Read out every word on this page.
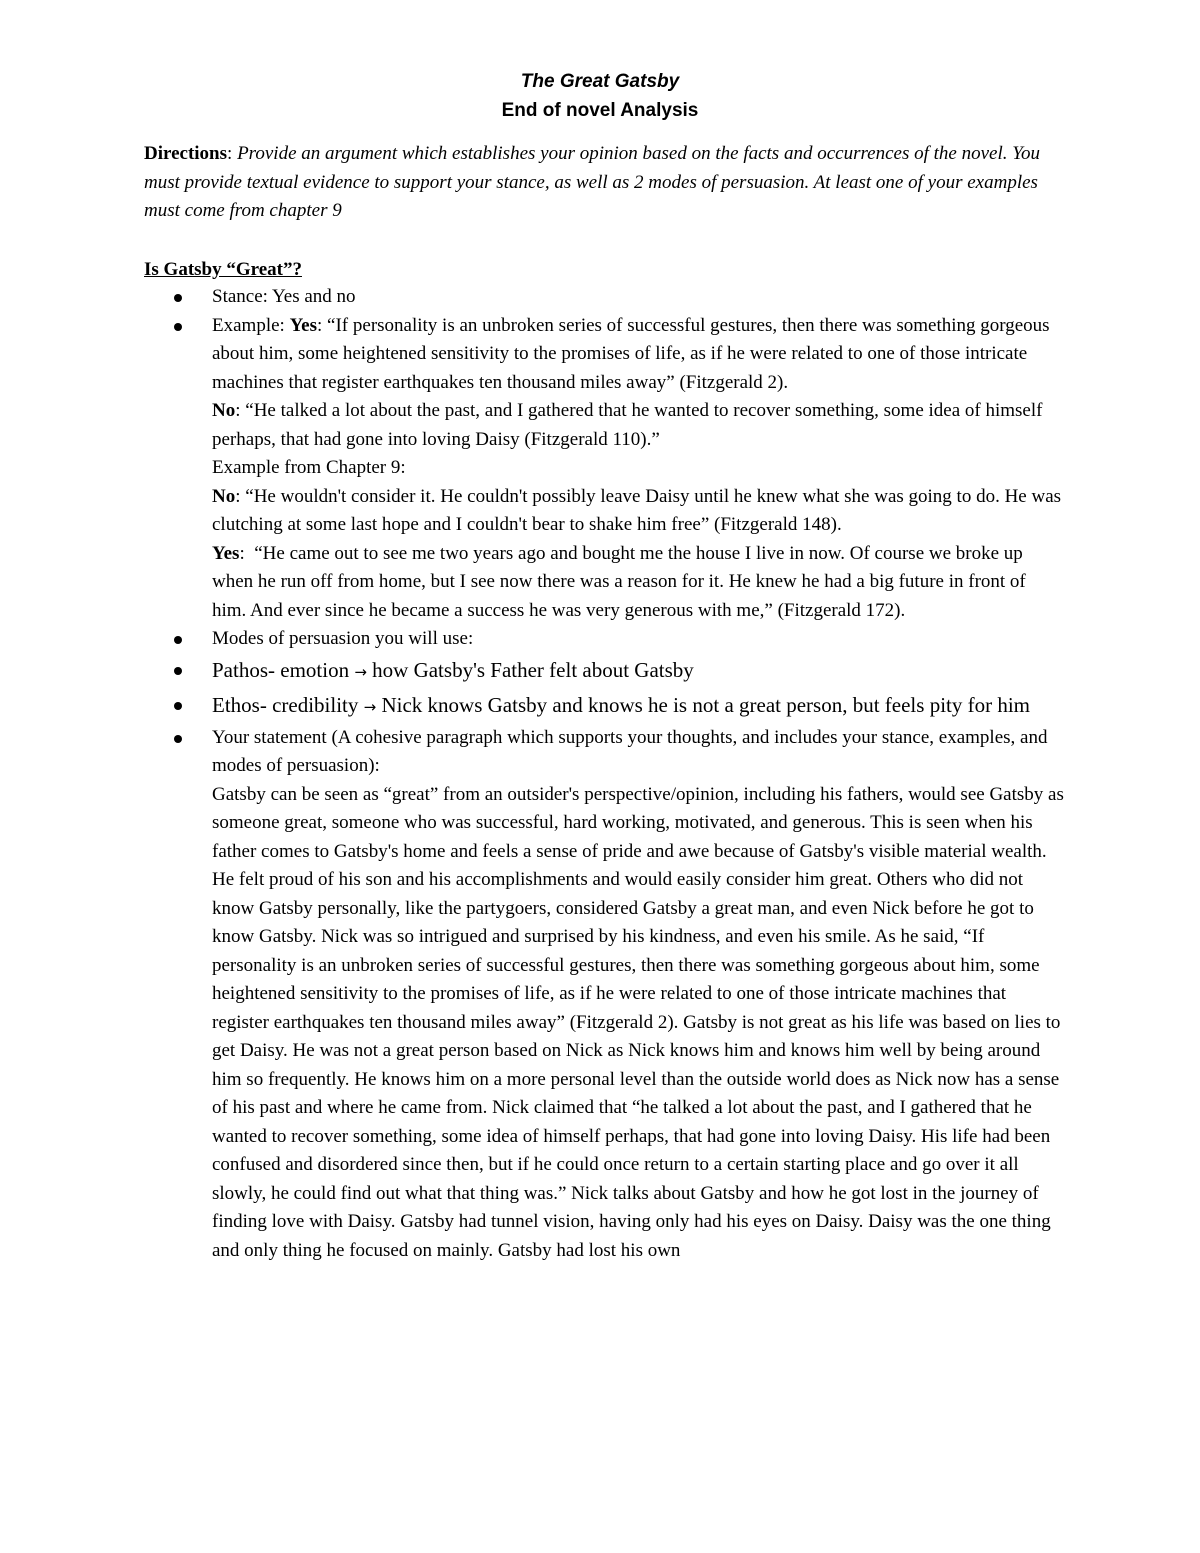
The Great Gatsby

End of novel Analysis

Directions: Provide an argument which establishes your opinion based on the facts and occurrences of the novel. You must provide textual evidence to support your stance, as well as 2 modes of persuasion. At least one of your examples must come from chapter 9

Is Gatsby “Great”?

Stance: Yes and no
Example: Yes: “If personality is an unbroken series of successful gestures, then there was something gorgeous about him, some heightened sensitivity to the promises of life, as if he were related to one of those intricate machines that register earthquakes ten thousand miles away” (Fitzgerald 2).
No: “He talked a lot about the past, and I gathered that he wanted to recover something, some idea of himself perhaps, that had gone into loving Daisy (Fitzgerald 110).”
Example from Chapter 9:
No: “He wouldn't consider it. He couldn't possibly leave Daisy until he knew what she was going to do. He was clutching at some last hope and I couldn't bear to shake him free” (Fitzgerald 148).
Yes:  “He came out to see me two years ago and bought me the house I live in now. Of course we broke up when he run off from home, but I see now there was a reason for it. He knew he had a big future in front of him. And ever since he became a success he was very generous with me,” (Fitzgerald 172).
Modes of persuasion you will use:
Pathos- emotion → how Gatsby's Father felt about Gatsby
Ethos- credibility → Nick knows Gatsby and knows he is not a great person, but feels pity for him
Your statement (A cohesive paragraph which supports your thoughts, and includes your stance, examples, and modes of persuasion):
Gatsby can be seen as “great” from an outsider's perspective/opinion, including his fathers, would see Gatsby as someone great, someone who was successful, hard working, motivated, and generous. This is seen when his father comes to Gatsby's home and feels a sense of pride and awe because of Gatsby's visible material wealth. He felt proud of his son and his accomplishments and would easily consider him great. Others who did not know Gatsby personally, like the partygoers, considered Gatsby a great man, and even Nick before he got to know Gatsby. Nick was so intrigued and surprised by his kindness, and even his smile. As he said, “If personality is an unbroken series of successful gestures, then there was something gorgeous about him, some heightened sensitivity to the promises of life, as if he were related to one of those intricate machines that register earthquakes ten thousand miles away” (Fitzgerald 2). Gatsby is not great as his life was based on lies to get Daisy. He was not a great person based on Nick as Nick knows him and knows him well by being around him so frequently. He knows him on a more personal level than the outside world does as Nick now has a sense of his past and where he came from. Nick claimed that “he talked a lot about the past, and I gathered that he wanted to recover something, some idea of himself perhaps, that had gone into loving Daisy. His life had been confused and disordered since then, but if he could once return to a certain starting place and go over it all slowly, he could find out what that thing was.” Nick talks about Gatsby and how he got lost in the journey of finding love with Daisy. Gatsby had tunnel vision, having only had his eyes on Daisy. Daisy was the one thing and only thing he focused on mainly. Gatsby had lost his own
